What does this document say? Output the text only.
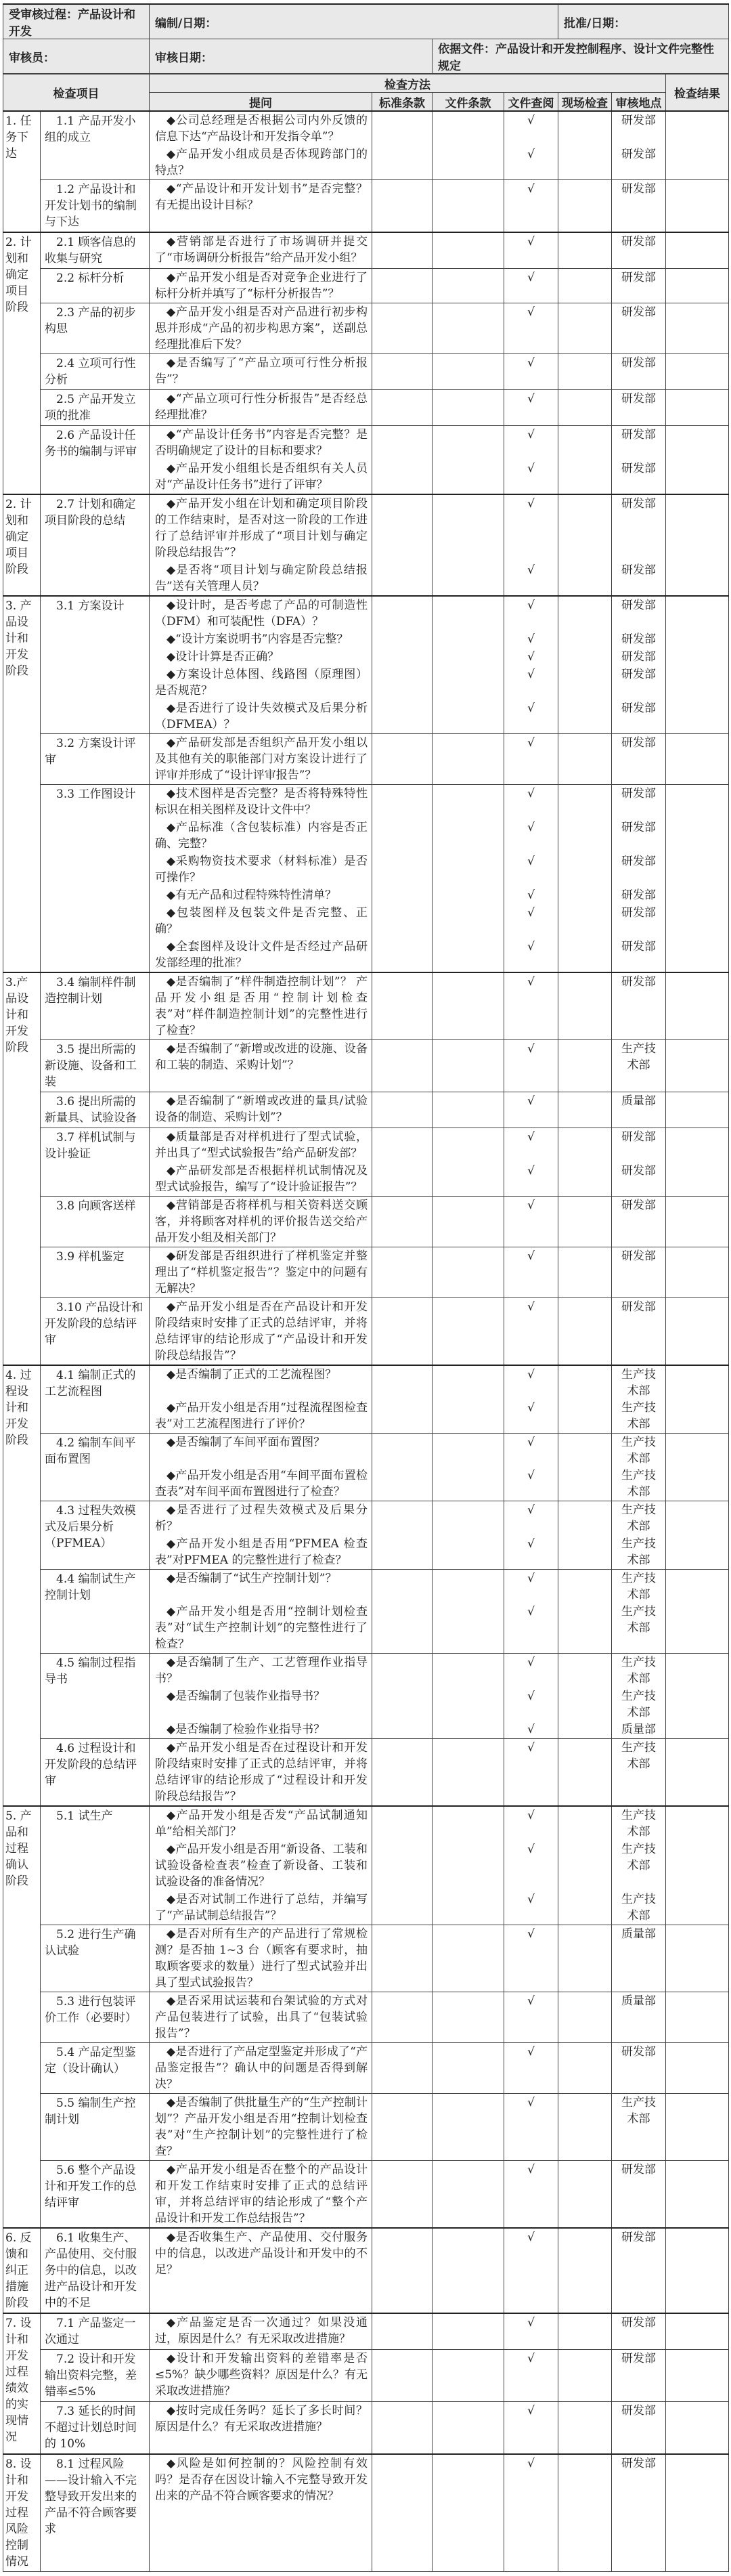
受审核过程：产品设计和开发	编制/日期：		批准/日期：
审核员：	审核日期：	依据文件：产品设计和开发控制程序、设计文件完整性规定	
检查项目		检查方法						检查结果
		提问	标准条款	文件条款	文件查阅	现场检查	审核地点	
1. 任务下达	1.1 产品开发小组的成立	◆公司总经理是否根据公司内外反馈的信息下达“产品设计和开发指令单”？			√		研发部	
		◆产品开发小组成员是否体现跨部门的特点？			√		研发部	
	1.2 产品设计和开发计划书的编制与下达	◆“产品设计和开发计划书”是否完整？有无提出设计目标？			√		研发部	
2. 计划和确定项目阶段	2.1 顾客信息的收集与研究	◆营销部是否进行了市场调研并提交了“市场调研分析报告”给产品开发小组？			√		研发部	
	2.2 标杆分析	◆产品开发小组是否对竞争企业进行了标杆分析并填写了“标杆分析报告”？			√		研发部	
	2.3 产品的初步构思	◆产品开发小组是否对产品进行初步构思并形成“产品的初步构思方案”，送副总经理批准后下发？			√		研发部	
	2.4 立项可行性分析	◆是否编写了“产品立项可行性分析报告”？			√		研发部	
	2.5 产品开发立项的批准	◆“产品立项可行性分析报告”是否经总经理批准？			√		研发部	
	2.6 产品设计任务书的编制与评审	◆“产品设计任务书”内容是否完整？是否明确规定了设计的目标和要求？			√		研发部	
		◆产品开发小组组长是否组织有关人员对“产品设计任务书”进行了评审？			√		研发部	
2. 计划和确定项目阶段	2.7 计划和确定项目阶段的总结	◆产品开发小组在计划和确定项目阶段的工作结束时，是否对这一阶段的工作进行了总结评审并形成了“项目计划与确定阶段总结报告”？			√		研发部	
		◆是否将“项目计划与确定阶段总结报告”送有关管理人员？			√		研发部	
3. 产品设计和开发阶段	3.1 方案设计	◆设计时，是否考虑了产品的可制造性（DFM）和可装配性（DFA）？			√		研发部	
		◆“设计方案说明书”内容是否完整？			√		研发部	
		◆设计计算是否正确？			√		研发部	
		◆方案设计总体图、线路图（原理图）是否规范？			√		研发部	
		◆是否进行了设计失效模式及后果分析（DFMEA）？			√		研发部	
	3.2 方案设计评审	◆产品研发部是否组织产品开发小组以及其他有关的职能部门对方案设计进行了评审并形成了“设计评审报告”？			√		研发部	
	3.3 工作图设计	◆技术图样是否完整？是否将特殊特性标识在相关图样及设计文件中？			√		研发部	
		◆产品标准（含包装标准）内容是否正确、完整？			√		研发部	
		◆采购物资技术要求（材料标准）是否可操作？			√		研发部	
		◆有无产品和过程特殊特性清单？			√		研发部	
		◆包装图样及包装文件是否完整、正确？			√		研发部	
		◆全套图样及设计文件是否经过产品研发部经理的批准？			√		研发部	
3.产品设计和开发阶段	3.4 编制样件制造控制计划	◆是否编制了“样件制造控制计划”？ 产品开发小组是否用“控制计划检查表”对“样件制造控制计划”的完整性进行了检查？			√		研发部	
	3.5 提出所需的新设施、设备和工装	◆是否编制了“新增或改进的设施、设备和工装的制造、采购计划”？			√		生产技术部	
	3.6 提出所需的新量具、试验设备	◆是否编制了“新增或改进的量具/试验设备的制造、采购计划”？			√		质量部	
	3.7 样机试制与设计验证	◆质量部是否对样机进行了型式试验，并出具了“型式试验报告”给产品研发部？			√		研发部	
		◆产品研发部是否根据样机试制情况及型式试验报告，编写了“设计验证报告”？			√		研发部	
	3.8 向顾客送样	◆营销部是否将样机与相关资料送交顾客，并将顾客对样机的评价报告送交给产品开发小组及相关部门？			√		研发部	
	3.9 样机鉴定	◆研发部是否组织进行了样机鉴定并整理出了“样机鉴定报告”？鉴定中的问题有无解决？			√		研发部	
	3.10 产品设计和开发阶段的总结评审	◆产品开发小组是否在产品设计和开发阶段结束时安排了正式的总结评审，并将总结评审的结论形成了“产品设计和开发阶段总结报告”？			√		研发部	
4. 过程设计和开发阶段	4.1 编制正式的工艺流程图	◆是否编制了正式的工艺流程图？			√		生产技术部	
		◆产品开发小组是否用“过程流程图检查表”对工艺流程图进行了评价？			√		生产技术部	
	4.2 编制车间平面布置图	◆是否编制了车间平面布置图？			√		生产技术部	
		◆产品开发小组是否用“车间平面布置检查表”对车间平面布置图进行了检查？			√		生产技术部	
	4.3 过程失效模式及后果分析（PFMEA）	◆是否进行了过程失效模式及后果分析？			√		生产技术部	
		◆产品开发小组是否用“PFMEA 检查表”对PFMEA 的完整性进行了检查？			√		生产技术部	
	4.4 编制试生产控制计划	◆是否编制了“试生产控制计划”？			√		生产技术部	
		◆产品开发小组是否用“控制计划检查表”对“试生产控制计划”的完整性进行了检查？			√		生产技术部	
	4.5 编制过程指导书	◆是否编制了生产、工艺管理作业指导书？			√		生产技术部	
		◆是否编制了包装作业指导书？			√		生产技术部	
		◆是否编制了检验作业指导书？			√		质量部	
	4.6 过程设计和开发阶段的总结评审	◆产品开发小组是否在过程设计和开发阶段结束时安排了正式的总结评审，并将总结评审的结论形成了“过程设计和开发阶段总结报告”？			√		生产技术部	
5. 产品和过程确认阶段	5.1 试生产	◆产品开发小组是否发“产品试制通知单”给相关部门？			√		生产技术部	
		◆产品开发小组是否用“新设备、工装和试验设备检查表”检查了新设备、工装和试验设备的准备情况？			√		生产技术部	
		◆是否对试制工作进行了总结，并编写了“产品试制总结报告”？			√		生产技术部	
	5.2 进行生产确认试验	◆是否对所有生产的产品进行了常规检测？是否抽 1~3 台（顾客有要求时，抽取顾客要求的数量）进行了型式试验并出具了型式试验报告？			√		质量部	
	5.3 进行包装评价工作（必要时）	◆是否采用试运装和台架试验的方式对产品包装进行了试验，出具了“包装试验报告”？			√		质量部	
	5.4 产品定型鉴定（设计确认）	◆是否进行了产品定型鉴定并形成了“产品鉴定报告”？确认中的问题是否得到解决？			√		研发部	
	5.5 编制生产控制计划	◆是否编制了供批量生产的“生产控制计划”？产品开发小组是否用“控制计划检查表”对“生产控制计划”的完整性进行了检查？			√		生产技术部	
	5.6 整个产品设计和开发工作的总结评审	◆产品开发小组是否在整个的产品设计和开发工作结束时安排了正式的总结评审，并将总结评审的结论形成了“整个产品设计和开发工作总结报告”？			√		研发部	
6. 反馈和纠正措施阶段	6.1 收集生产、产品使用、交付服务中的信息，以改进产品设计和开发中的不足	◆是否收集生产、产品使用、交付服务中的信息，以改进产品设计和开发中的不足？			√		研发部	
7. 设计和开发过程绩效的实现情况	7.1 产品鉴定一次通过	◆产品鉴定是否一次通过？如果没通过，原因是什么？有无采取改进措施？			√		研发部	
	7.2 设计和开发输出资料完整，差错率≤5%	◆设计和开发输出资料的差错率是否≤5%？缺少哪些资料？原因是什么？有无采取改进措施？			√		研发部	
	7.3 延长的时间不超过计划总时间的 10%	◆按时完成任务吗？延长了多长时间？原因是什么？有无采取改进措施？			√		研发部	
8. 设计和开发过程风险控制情况	8.1 过程风险——设计输入不完整导致开发出来的产品不符合顾客要求	◆风险是如何控制的？风险控制有效吗？是否存在因设计输入不完整导致开发出来的产品不符合顾客要求的情况？			√		研发部	
